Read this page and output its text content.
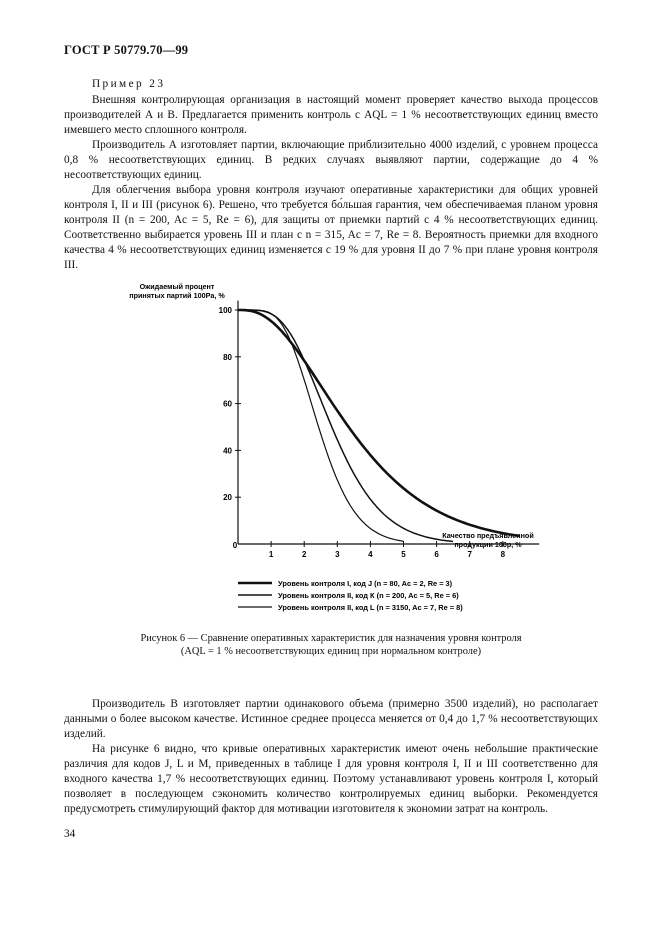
ГОСТ Р 50779.70—99
Пример 23

Внешняя контролирующая организация в настоящий момент проверяет качество выхода процессов производителей А и В. Предлагается применить контроль с AQL = 1 % несоответствующих единиц вместо имевшего место сплошного контроля.

Производитель А изготовляет партии, включающие приблизительно 4000 изделий, с уровнем процесса 0,8 % несоответствующих единиц. В редких случаях выявляют партии, содержащие до 4 % несоответствующих единиц.

Для облегчения выбора уровня контроля изучают оперативные характеристики для общих уровней контроля I, II и III (рисунок 6). Решено, что требуется бо́льшая гарантия, чем обеспечиваемая планом уровня контроля II (n = 200, Ac = 5, Re = 6), для защиты от приемки партий с 4 % несоответствующих единиц. Соответственно выбирается уровень III и план с n = 315, Ac = 7, Re = 8. Вероятность приемки для входного качества 4 % несоответствующих единиц изменяется с 19 % для уровня II до 7 % при плане уровня контроля III.

Ожидаемый процент
принятых партий 100Pa, %
Качество предъявленной
продукции 100p, %
0
1	2	3	4	5	6	7	8
20
40
60
80
100
Уровень контроля I, код J (n = 80, Ac = 2, Re = 3)
Уровень контроля II, код К (n = 200, Ac = 5, Re = 6)
Уровень контроля II, код L (n = 3150, Ac = 7, Re = 8)
Рисунок 6 — Сравнение оперативных характеристик для назначения уровня контроля
(AQL = 1 % несоответствующих единиц при нормальном контроле)

Производитель В изготовляет партии одинакового объема (примерно 3500 изделий), но располагает данными о более высоком качестве. Истинное среднее процесса меняется от 0,4 до 1,7 % несоответствующих изделий.

На рисунке 6 видно, что кривые оперативных характеристик имеют очень небольшие практические различия для кодов J, L и M, приведенных в таблице I для уровня контроля I, II и III соответственно для входного качества 1,7 % несоответствующих единиц. Поэтому устанавливают уровень контроля I, который позволяет в последующем сэкономить количество контролируемых единиц выборки. Рекомендуется предусмотреть стимулирующий фактор для мотивации изготовителя к экономии затрат на контроль.

34
